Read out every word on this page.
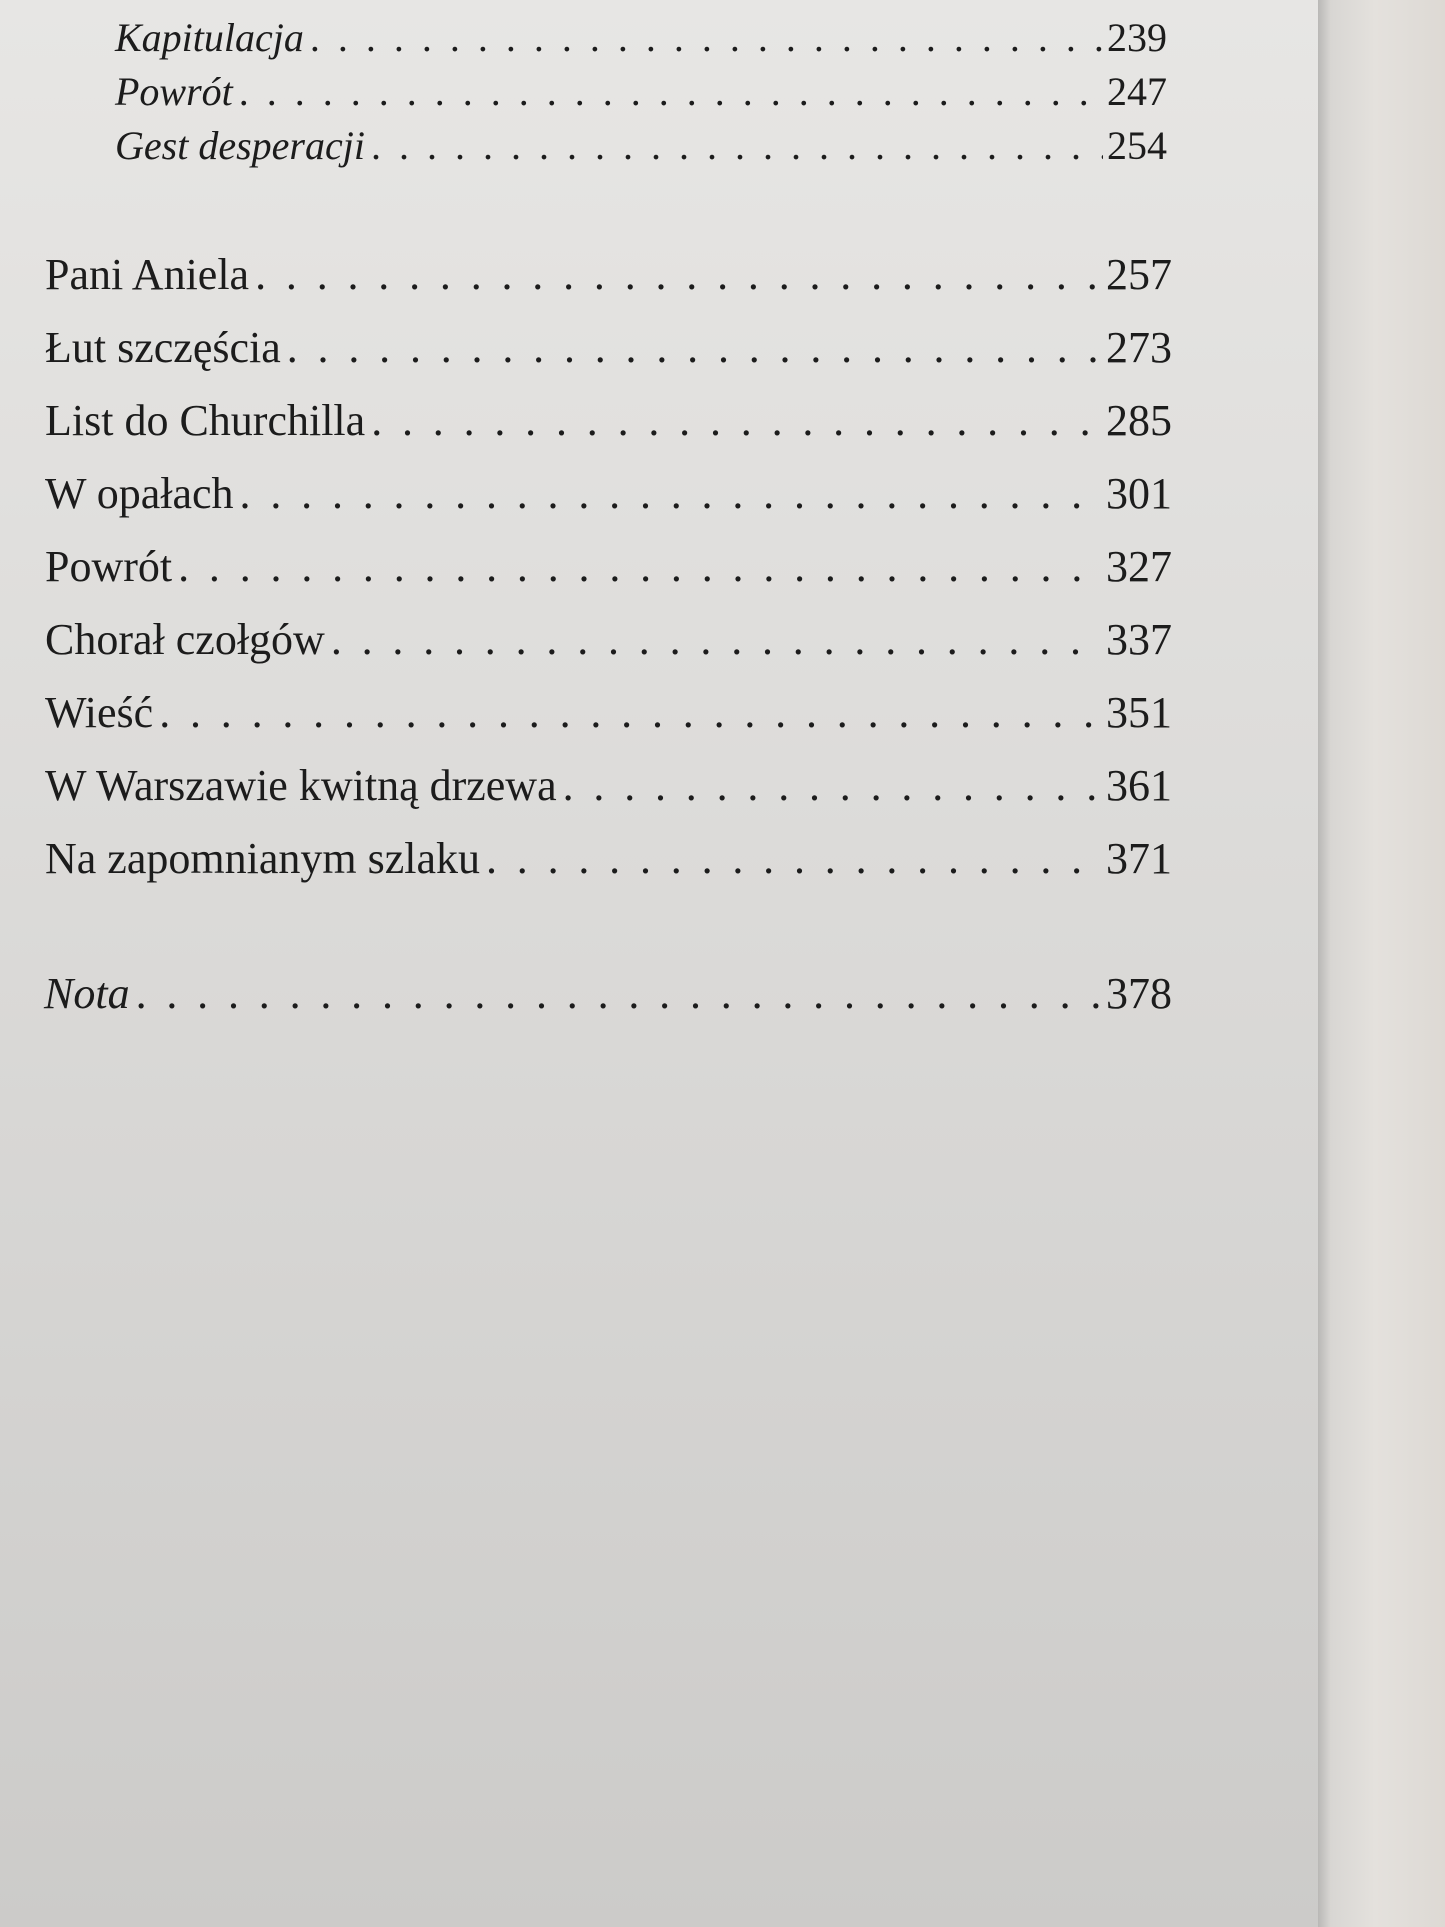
Kapitulacja . . .	239
Powrót . . .	247
Gest desperacji . . .	254
Pani Aniela . . .	257
Łut szczęścia . . .	273
List do Churchilla . . .	285
W opałach . . .	301
Powrót . . .	327
Chorał czołgów . . .	337
Wieść . . .	351
W Warszawie kwitną drzewa . . .	361
Na zapomnianym szlaku . . .	371
Nota . . .	378
